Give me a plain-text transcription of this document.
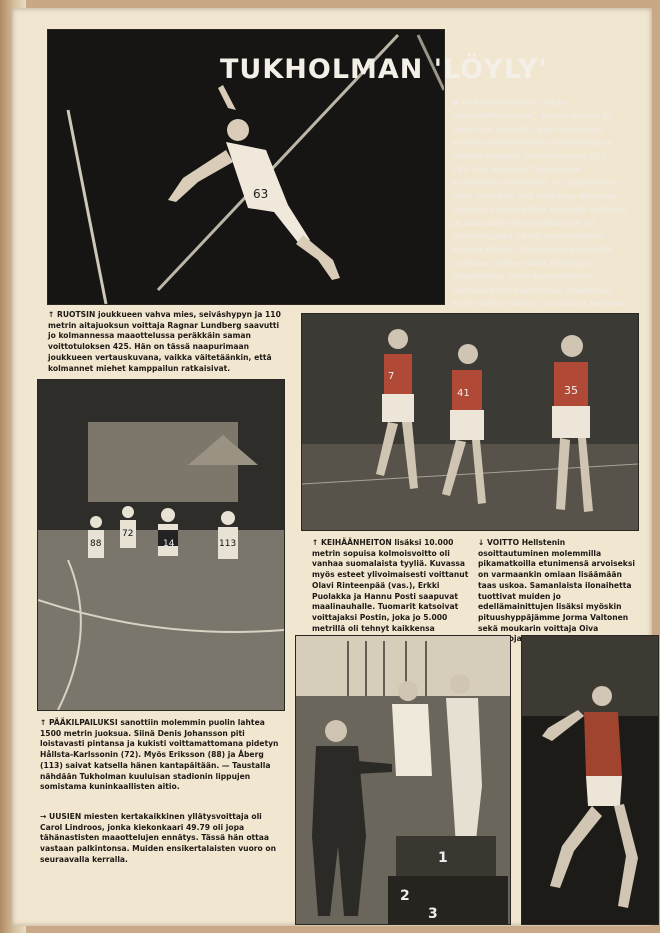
63
TUKHOLMAN 'LÖYLY'
● Urheilukenttien 'rakas perivihollisemme', kuten puolin ja toisin on sanottu, peri kotonaan voiton yleisurheilun maaottelussa. Vaikka Ruotsin pisteylivoima 217—193 tuo mieleen Tukholman kuuluisan verilöylyn, ei toppiomme ollut sentään sitä luokkaa. Monissa lajeissa saavutettiin komeita voittoja ja lukuisilla edustajillamme oli sininen paita vasta ensimmäistä kertaa yllään. Seuraavalla kerralla otetaan yhteen taas Helsingin Stadionilla. Halu kalavelkojen maksuun voi kannustaa enemmän kuin voiton tuoma, raskaana painava
↑ RUOTSIN joukkueen vahva mies, seiväshypyn ja 110 metrin aitajuoksun voittaja Ragnar Lundberg saavutti jo kolmannessa maaottelussa peräkkäin saman voittotuloksen 425. Hän on tässä naapurimaan joukkueen vertauskuvana, vaikka väitetäänkin, että kolmannet miehet kamppailun ratkaisivat.
7
41	35
88
72
14	113	↑ KEIHÄÄNHEITON lisäksi 10.000 metrin sopuisa kolmoisvoitto oli vanhaa suomalaista tyyliä. Kuvassa myös esteet ylivoimaisesti voittanut Olavi Rinteenpää (vas.), Erkki Puolakka ja Hannu Posti saapuvat maalinauhalle. Tuomarit katsoivat voittajaksi Postin, joka jo 5.000 metrillä oli tehnyt kaikkensa
↓ VOITTO Hellstenin osoittautuminen molemmilla pikamatkoilla etunimensä arvoiseksi on varmaankin omiaan lisäämään taas uskoa. Samanlaista ilonaihetta tuottivat muiden jo edellämainittujen lisäksi myöskin pituushyppäjämme Jorma Valtonen sekä moukarin voittaja Oiva
↑ PÄÄKILPAILUKSI sanottiin molemmin puolin lahtea 1500 metrin juoksua. Siinä Denis Johansson piti loistavasti pintansa ja kukisti voittamattomana pidetyn Hållsta-Karlssonin (72). Myös Eriksson (88) ja Åberg (113) saivat katsella hänen kantapäitään. — Taustalla nähdään Tukholman kuuluisan stadionin lippujen somistama kuninkaallisten aitio.
→ UUSIEN miesten kertakaikkinen yllätysvoittaja oli Carol Lindroos, jonka kiekonkaari 49.79 oli jopa tähänastisten maaottelujen ennätys. Tässä hän ottaa vastaan palkintonsa. Muiden ensikertalaisten vuoro on seuraavalla kerralla.	1
2
3
